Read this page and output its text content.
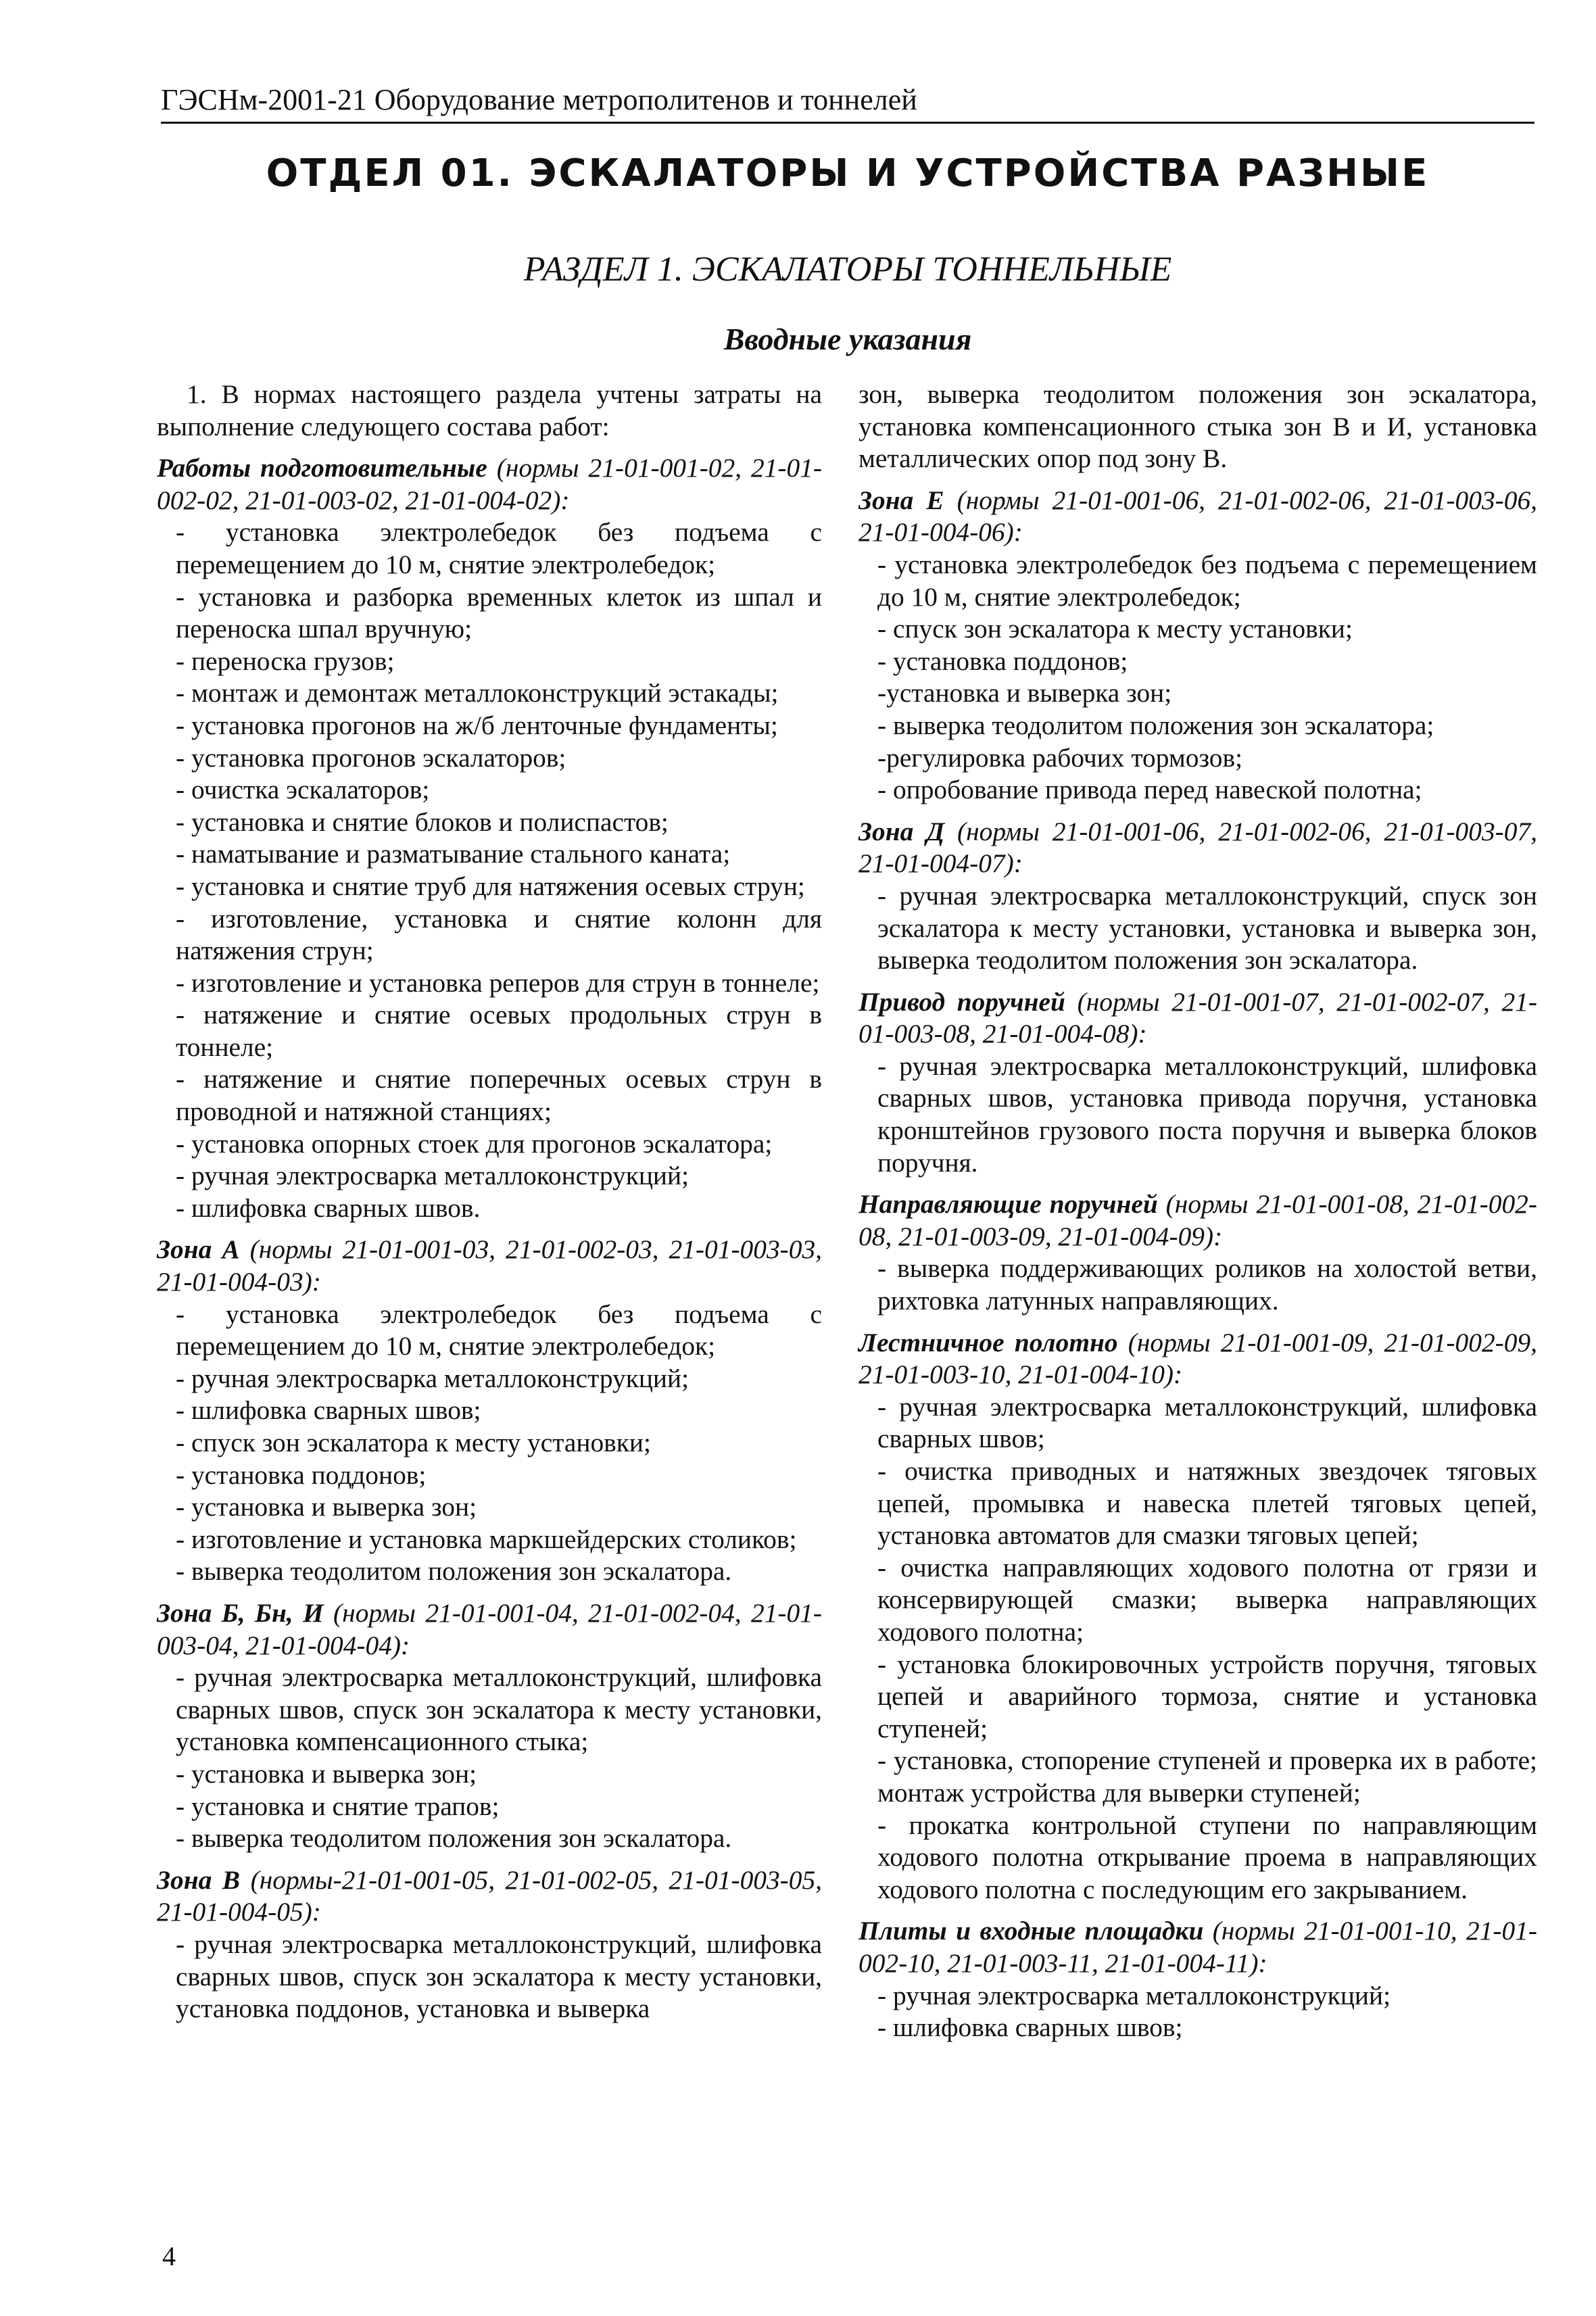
ГЭСНм-2001-21 Оборудование метрополитенов и тоннелей
ОТДЕЛ 01. ЭСКАЛАТОРЫ И УСТРОЙСТВА РАЗНЫЕ
РАЗДЕЛ 1. ЭСКАЛАТОРЫ ТОННЕЛЬНЫЕ
Вводные указания

1. В нормах настоящего раздела учтены затраты на выполнение следующего состава работ:

Работы подготовительные (нормы 21-01-001-02, 21-01-002-02, 21-01-003-02, 21-01-004-02):

- установка электролебедок без подъема с перемещением до 10 м, снятие электролебедок;

- установка и разборка временных клеток из шпал и переноска шпал вручную;

- переноска грузов;

- монтаж и демонтаж металлоконструкций эстакады;

- установка прогонов на ж/б ленточные фундаменты;

- установка прогонов эскалаторов;

- очистка эскалаторов;

- установка и снятие блоков и полиспастов;

- наматывание и разматывание стального каната;

- установка и снятие труб для натяжения осевых струн;

- изготовление, установка и снятие колонн для натяжения струн;

- изготовление и установка реперов для струн в тоннеле;

- натяжение и снятие осевых продольных струн в тоннеле;

- натяжение и снятие поперечных осевых струн в проводной и натяжной станциях;

- установка опорных стоек для прогонов эскалатора;

- ручная электросварка металлоконструкций;

- шлифовка сварных швов.

Зона А (нормы 21-01-001-03, 21-01-002-03, 21-01-003-03, 21-01-004-03):

- установка электролебедок без подъема с перемещением до 10 м, снятие электролебедок;

- ручная электросварка металлоконструкций;

- шлифовка сварных швов;

- спуск зон эскалатора к месту установки;

- установка поддонов;

- установка и выверка зон;

- изготовление и установка маркшейдерских столиков;

- выверка теодолитом положения зон эскалатора.

Зона Б, Бн, И (нормы 21-01-001-04, 21-01-002-04, 21-01-003-04, 21-01-004-04):

- ручная электросварка металлоконструкций, шлифовка сварных швов, спуск зон эскалатора к месту установки, установка компенсационного стыка;

- установка и выверка зон;

- установка и снятие трапов;

- выверка теодолитом положения зон эскалатора.

Зона В (нормы-21-01-001-05, 21-01-002-05, 21-01-003-05, 21-01-004-05):

- ручная электросварка металлоконструкций, шлифовка сварных швов, спуск зон эскалатора к месту установки, установка поддонов, установка и выверка

зон, выверка теодолитом положения зон эскалатора, установка компенсационного стыка зон В и И, установка металлических опор под зону В.

Зона Е (нормы 21-01-001-06, 21-01-002-06, 21-01-003-06, 21-01-004-06):

- установка электролебедок без подъема с перемещением до 10 м, снятие электролебедок;

- спуск зон эскалатора к месту установки;

- установка поддонов;

-установка и выверка зон;

- выверка теодолитом положения зон эскалатора;

-регулировка рабочих тормозов;

- опробование привода перед навеской полотна;

Зона Д (нормы 21-01-001-06, 21-01-002-06, 21-01-003-07, 21-01-004-07):

- ручная электросварка металлоконструкций, спуск зон эскалатора к месту установки, установка и выверка зон, выверка теодолитом положения зон эскалатора.

Привод поручней (нормы 21-01-001-07, 21-01-002-07, 21-01-003-08, 21-01-004-08):

- ручная электросварка металлоконструкций, шлифовка сварных швов, установка привода поручня, установка кронштейнов грузового поста поручня и выверка блоков поручня.

Направляющие поручней (нормы 21-01-001-08, 21-01-002-08, 21-01-003-09, 21-01-004-09):

- выверка поддерживающих роликов на холостой ветви, рихтовка латунных направляющих.

Лестничное полотно (нормы 21-01-001-09, 21-01-002-09, 21-01-003-10, 21-01-004-10):

- ручная электросварка металлоконструкций, шлифовка сварных швов;

- очистка приводных и натяжных звездочек тяговых цепей, промывка и навеска плетей тяговых цепей, установка автоматов для смазки тяговых цепей;

- очистка направляющих ходового полотна от грязи и консервирующей смазки; выверка направляющих ходового полотна;

- установка блокировочных устройств поручня, тяговых цепей и аварийного тормоза, снятие и установка ступеней;

- установка, стопорение ступеней и проверка их в работе; монтаж устройства для выверки ступеней;

- прокатка контрольной ступени по направляющим ходового полотна открывание проема в направляющих ходового полотна с последующим его закрыванием.

Плиты и входные площадки (нормы 21-01-001-10, 21-01-002-10, 21-01-003-11, 21-01-004-11):

- ручная электросварка металлоконструкций;

- шлифовка сварных швов;

4
